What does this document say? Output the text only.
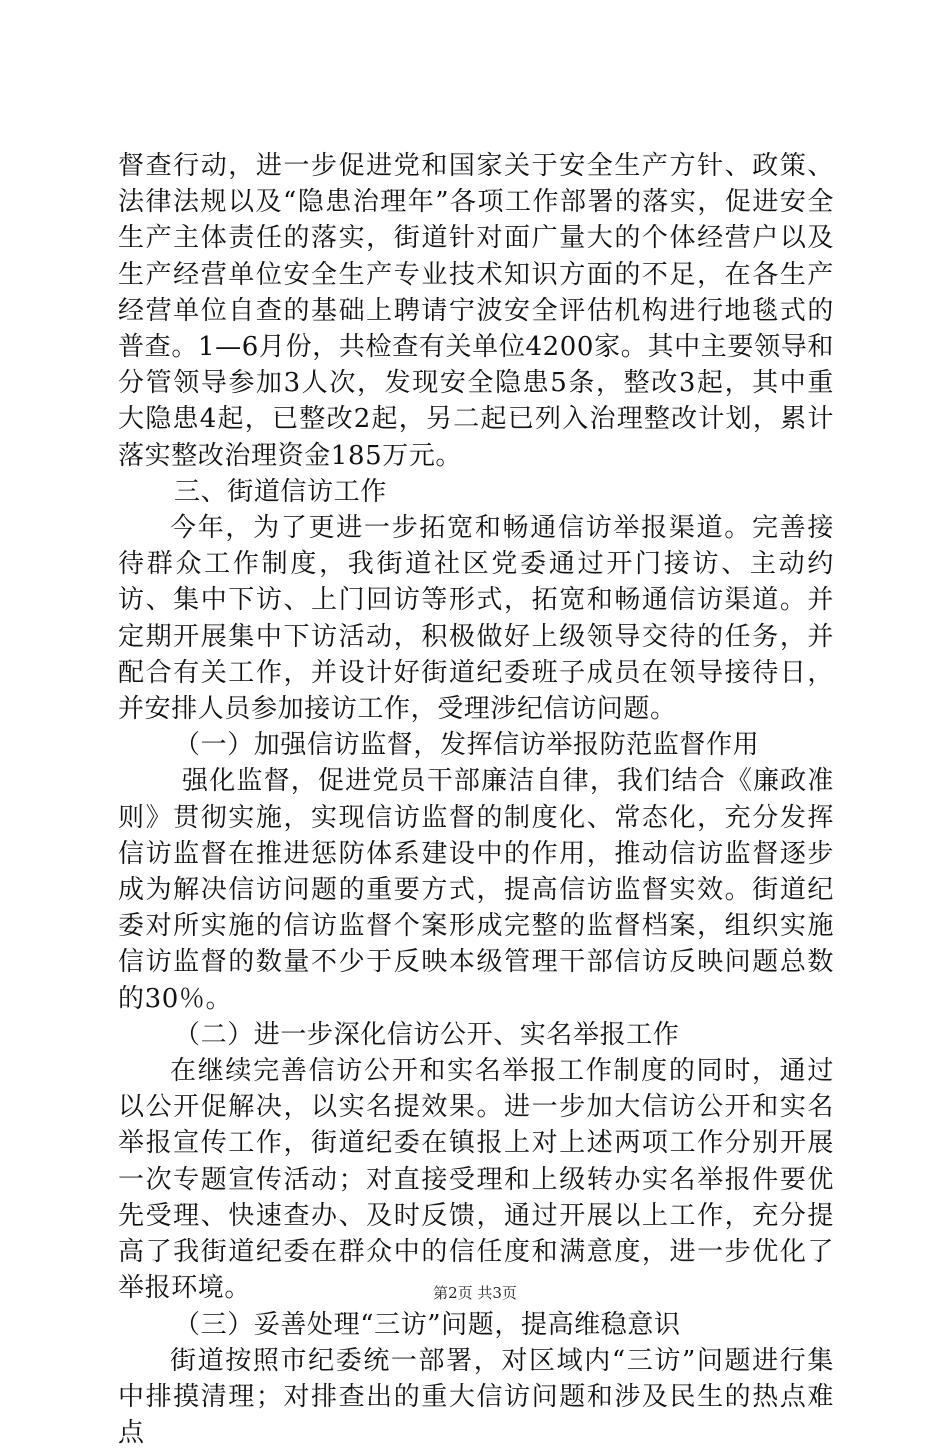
督查行动，进一步促进党和国家关于安全生产方针、政策、法律法规以及“隐患治理年”各项工作部署的落实，促进安全生产主体责任的落实，街道针对面广量大的个体经营户以及生产经营单位安全生产专业技术知识方面的不足，在各生产经营单位自查的基础上聘请宁波安全评估机构进行地毯式的普查。1—6月份，共检查有关单位4200家。其中主要领导和分管领导参加3人次，发现安全隐患5条，整改3起，其中重大隐患4起，已整改2起，另二起已列入治理整改计划，累计落实整改治理资金185万元。

三、街道信访工作

今年，为了更进一步拓宽和畅通信访举报渠道。完善接待群众工作制度，我街道社区党委通过开门接访、主动约访、集中下访、上门回访等形式，拓宽和畅通信访渠道。并定期开展集中下访活动，积极做好上级领导交待的任务，并配合有关工作，并设计好街道纪委班子成员在领导接待日，并安排人员参加接访工作，受理涉纪信访问题。

（一）加强信访监督，发挥信访举报防范监督作用

强化监督，促进党员干部廉洁自律，我们结合《廉政准则》贯彻实施，实现信访监督的制度化、常态化，充分发挥信访监督在推进惩防体系建设中的作用，推动信访监督逐步成为解决信访问题的重要方式，提高信访监督实效。街道纪委对所实施的信访监督个案形成完整的监督档案，组织实施信访监督的数量不少于反映本级管理干部信访反映问题总数的30％。

（二）进一步深化信访公开、实名举报工作

在继续完善信访公开和实名举报工作制度的同时，通过以公开促解决，以实名提效果。进一步加大信访公开和实名举报宣传工作，街道纪委在镇报上对上述两项工作分别开展一次专题宣传活动；对直接受理和上级转办实名举报件要优先受理、快速查办、及时反馈，通过开展以上工作，充分提高了我街道纪委在群众中的信任度和满意度，进一步优化了举报环境。

（三）妥善处理“三访”问题，提高维稳意识

街道按照市纪委统一部署，对区域内“三访”问题进行集中排摸清理；对排查出的重大信访问题和涉及民生的热点难点

第2页 共3页
